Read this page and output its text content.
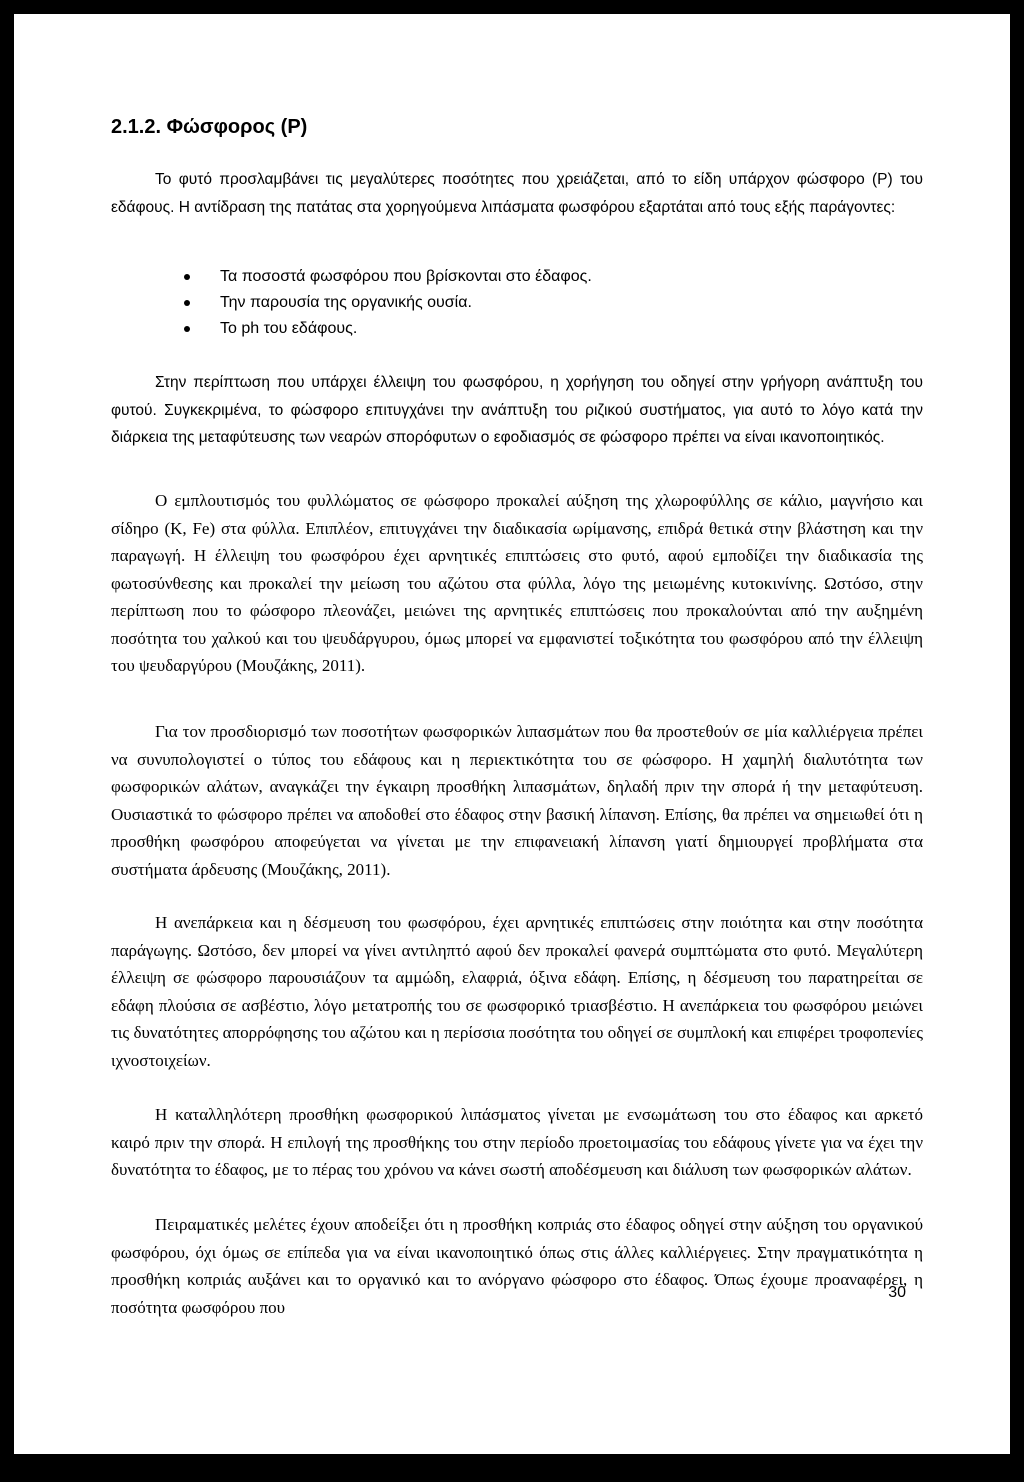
2.1.2. Φώσφορος (Ρ)

Το φυτό προσλαμβάνει τις μεγαλύτερες ποσότητες που χρειάζεται, από το είδη υπάρχον φώσφορο (Ρ) του εδάφους. Η αντίδραση της πατάτας στα χορηγούμενα λιπάσματα φωσφόρου εξαρτάται από τους εξής παράγοντες:

Τα ποσοστά φωσφόρου που βρίσκονται στο έδαφος.
Την παρουσία της οργανικής ουσία.
Το ph του εδάφους.

Στην περίπτωση που υπάρχει έλλειψη του φωσφόρου, η χορήγηση του οδηγεί στην γρήγορη ανάπτυξη του φυτού. Συγκεκριμένα, το φώσφορο επιτυγχάνει την ανάπτυξη του ριζικού συστήματος, για αυτό το λόγο κατά την διάρκεια της μεταφύτευσης των νεαρών σπορόφυτων ο εφοδιασμός σε φώσφορο πρέπει να είναι ικανοποιητικός.

Ο εμπλουτισμός του φυλλώματος σε φώσφορο προκαλεί αύξηση της χλωροφύλλης σε κάλιο, μαγνήσιο και σίδηρο (Κ, Fe) στα φύλλα. Επιπλέον, επιτυγχάνει την διαδικασία ωρίμανσης, επιδρά θετικά στην βλάστηση και την παραγωγή. Η έλλειψη του φωσφόρου έχει αρνητικές επιπτώσεις στο φυτό, αφού εμποδίζει την διαδικασία της φωτοσύνθεσης και προκαλεί την μείωση του αζώτου στα φύλλα, λόγο της μειωμένης κυτοκινίνης. Ωστόσο, στην περίπτωση που το φώσφορο πλεονάζει, μειώνει της αρνητικές επιπτώσεις που προκαλούνται από την αυξημένη ποσότητα του χαλκού και του ψευδάργυρου, όμως μπορεί να εμφανιστεί τοξικότητα του φωσφόρου από την έλλειψη του ψευδαργύρου (Μουζάκης, 2011).

Για τον προσδιορισμό των ποσοτήτων φωσφορικών λιπασμάτων που θα προστεθούν σε μία καλλιέργεια πρέπει να συνυπολογιστεί ο τύπος του εδάφους και η περιεκτικότητα του σε φώσφορο. Η χαμηλή διαλυτότητα των φωσφορικών αλάτων, αναγκάζει την έγκαιρη προσθήκη λιπασμάτων, δηλαδή πριν την σπορά ή την μεταφύτευση. Ουσιαστικά το φώσφορο πρέπει να αποδοθεί στο έδαφος στην βασική λίπανση. Επίσης, θα πρέπει να σημειωθεί ότι η προσθήκη φωσφόρου αποφεύγεται να γίνεται με την επιφανειακή λίπανση γιατί δημιουργεί προβλήματα στα συστήματα άρδευσης (Μουζάκης, 2011).

Η ανεπάρκεια και η δέσμευση του φωσφόρου, έχει αρνητικές επιπτώσεις στην ποιότητα και στην ποσότητα παράγωγης. Ωστόσο, δεν μπορεί να γίνει αντιληπτό αφού δεν προκαλεί φανερά συμπτώματα στο φυτό. Μεγαλύτερη έλλειψη σε φώσφορο παρουσιάζουν τα αμμώδη, ελαφριά, όξινα εδάφη. Επίσης, η δέσμευση του παρατηρείται σε εδάφη πλούσια σε ασβέστιο, λόγο μετατροπής του σε φωσφορικό τριασβέστιο. Η ανεπάρκεια του φωσφόρου μειώνει τις δυνατότητες απορρόφησης του αζώτου και η περίσσια ποσότητα του οδηγεί σε συμπλοκή και επιφέρει τροφοπενίες ιχνοστοιχείων.

Η καταλληλότερη προσθήκη φωσφορικού λιπάσματος γίνεται με ενσωμάτωση του στο έδαφος και αρκετό καιρό πριν την σπορά. Η επιλογή της προσθήκης του στην περίοδο προετοιμασίας του εδάφους γίνετε για να έχει την δυνατότητα το έδαφος, με το πέρας του χρόνου να κάνει σωστή αποδέσμευση και διάλυση των φωσφορικών αλάτων.

Πειραματικές μελέτες έχουν αποδείξει ότι η προσθήκη κοπριάς στο έδαφος οδηγεί στην αύξηση του οργανικού φωσφόρου, όχι όμως σε επίπεδα για να είναι ικανοποιητικό όπως στις άλλες καλλιέργειες. Στην πραγματικότητα η προσθήκη κοπριάς αυξάνει και το οργανικό και το ανόργανο φώσφορο στο έδαφος. Όπως έχουμε προαναφέρει, η ποσότητα φωσφόρου που

30
